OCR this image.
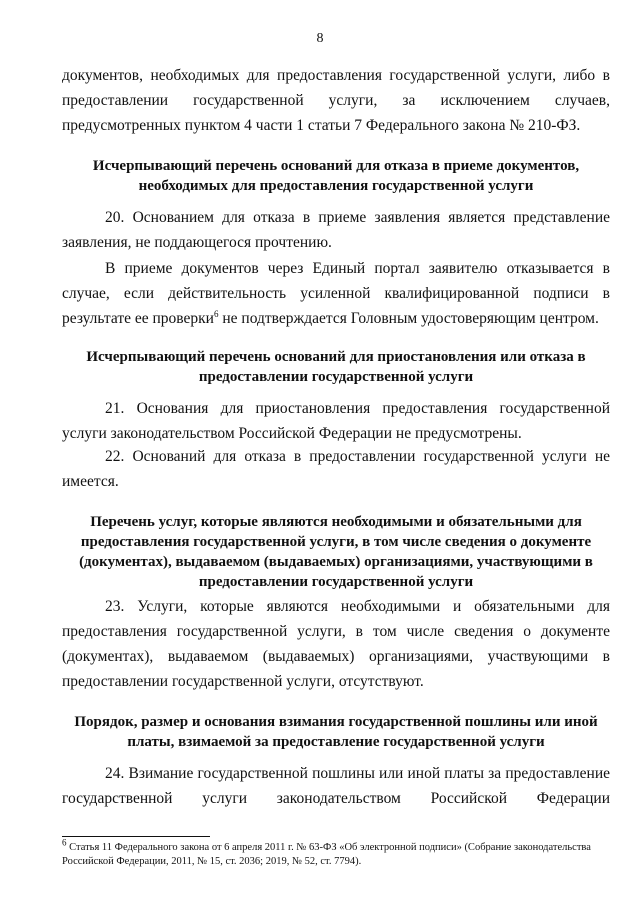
8

документов, необходимых для предоставления государственной услуги, либо в предоставлении государственной услуги, за исключением случаев, предусмотренных пунктом 4 части 1 статьи 7 Федерального закона № 210-ФЗ.

Исчерпывающий перечень оснований для отказа в приеме документов, необходимых для предоставления государственной услуги

20. Основанием для отказа в приеме заявления является представление заявления, не поддающегося прочтению.

В приеме документов через Единый портал заявителю отказывается в случае, если действительность усиленной квалифицированной подписи в результате ее проверки$^6$ не подтверждается Головным удостоверяющим центром.

Исчерпывающий перечень оснований для приостановления или отказа в предоставлении государственной услуги

21. Основания для приостановления предоставления государственной услуги законодательством Российской Федерации не предусмотрены.

22. Оснований для отказа в предоставлении государственной услуги не имеется.

Перечень услуг, которые являются необходимыми и обязательными для предоставления государственной услуги, в том числе сведения о документе (документах), выдаваемом (выдаваемых) организациями, участвующими в предоставлении государственной услуги

23. Услуги, которые являются необходимыми и обязательными для предоставления государственной услуги, в том числе сведения о документе (документах), выдаваемом (выдаваемых) организациями, участвующими в предоставлении государственной услуги, отсутствуют.

Порядок, размер и основания взимания государственной пошлины или иной платы, взимаемой за предоставление государственной услуги

24. Взимание государственной пошлины или иной платы за предоставление государственной услуги законодательством Российской Федерации

$^6$ Статья 11 Федерального закона от 6 апреля 2011 г. № 63-ФЗ «Об электронной подписи» (Собрание законодательства Российской Федерации, 2011, № 15, ст. 2036; 2019, № 52, ст. 7794).
